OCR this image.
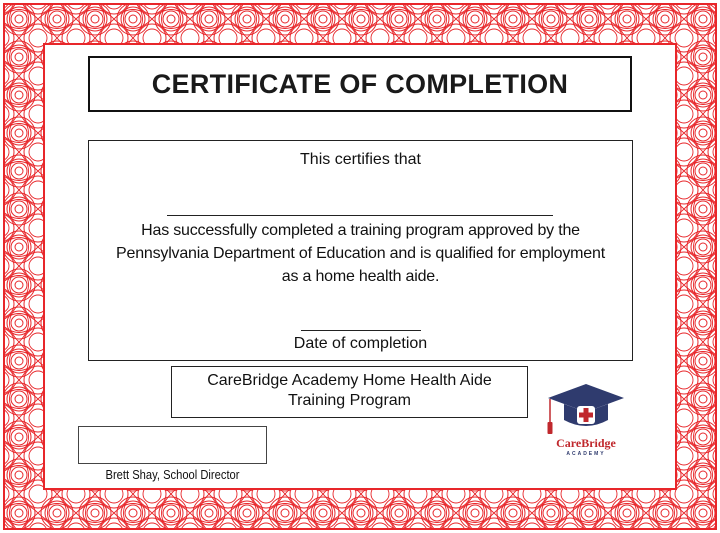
CERTIFICATE OF COMPLETION
This certifies that
Has successfully completed a training program approved by the
Pennsylvania Department of Education and is qualified for employment
as a home health aide.
Date of completion
CareBridge Academy Home Health Aide
Training Program
Brett Shay, School Director
CareBridge
ACADEMY
